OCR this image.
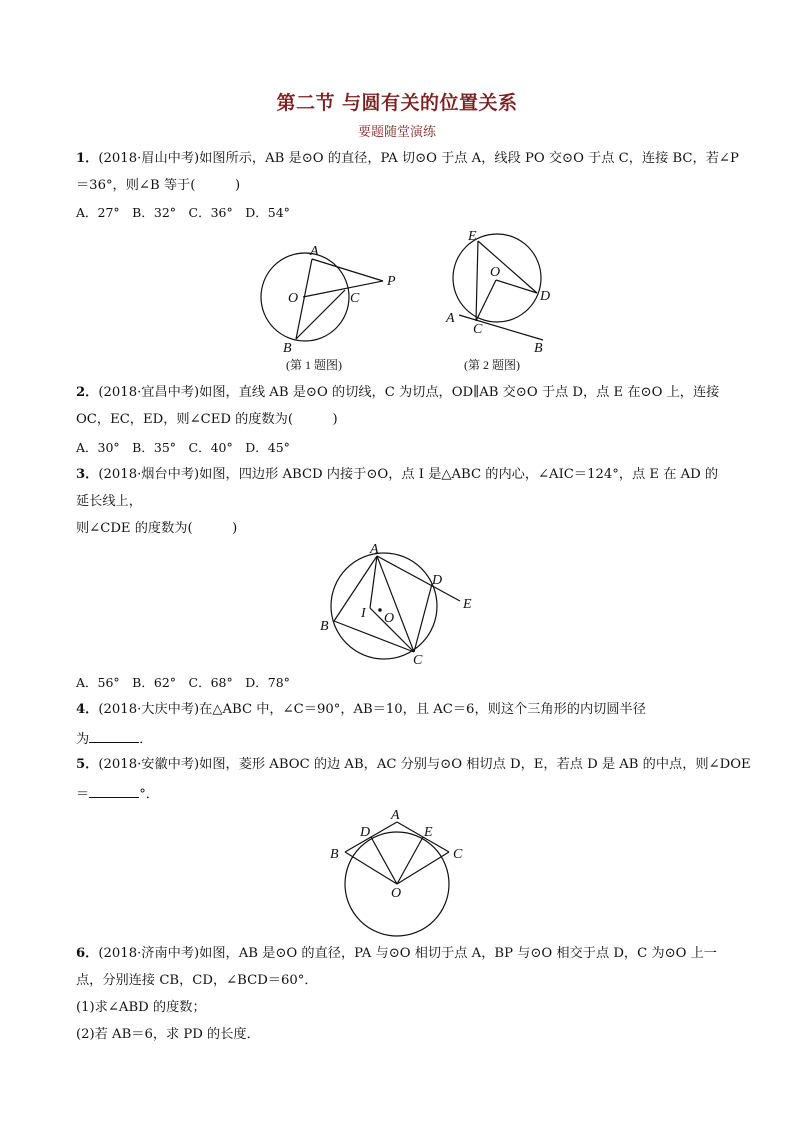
第二节 与圆有关的位置关系
要题随堂演练
1．(2018·眉山中考)如图所示，AB 是⊙O 的直径，PA 切⊙O 于点 A，线段 PO 交⊙O 于点 C，连接 BC，若∠P
＝36°，则∠B 等于(　　　)
A．27°　B．32°　C．36°　D．54°
A
B
C
O
P
(第 1 题图)
E
O
D
A
C
B
(第 2 题图)
2．(2018·宜昌中考)如图，直线 AB 是⊙O 的切线，C 为切点，OD∥AB 交⊙O 于点 D，点 E 在⊙O 上，连接
OC，EC，ED，则∠CED 的度数为(　　　)
A．30°　B．35°　C．40°　D．45°
3．(2018·烟台中考)如图，四边形 ABCD 内接于⊙O，点 I 是△ABC 的内心，∠AIC＝124°，点 E 在 AD 的
延长线上，
则∠CDE 的度数为(　　　)
A
D
E
I O
B
C
A．56°　B．62°　C．68°　D．78°
4．(2018·大庆中考)在△ABC 中，∠C＝90°，AB＝10，且 AC＝6，则这个三角形的内切圆半径
为	．
5．(2018·安徽中考)如图，菱形 ABOC 的边 AB，AC 分别与⊙O 相切点 D，E，若点 D 是 AB 的中点，则∠DOE
＝	°．
A
D	E
B	C
O
6．(2018·济南中考)如图，AB 是⊙O 的直径，PA 与⊙O 相切于点 A，BP 与⊙O 相交于点 D，C 为⊙O 上一
点，分别连接 CB，CD，∠BCD＝60°．
(1)求∠ABD 的度数；
(2)若 AB＝6，求 PD 的长度．
